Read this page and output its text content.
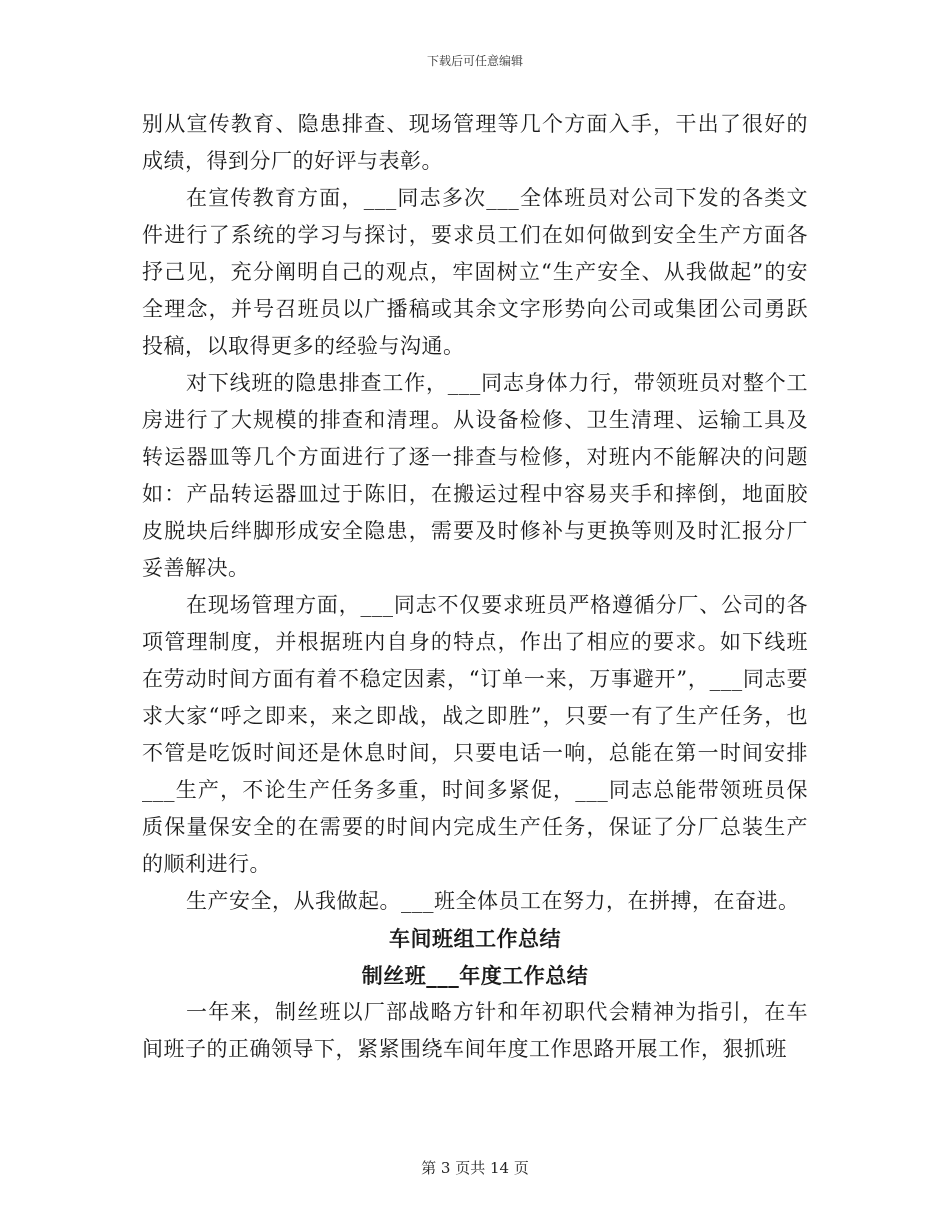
下载后可任意编辑

别从宣传教育、隐患排查、现场管理等几个方面入手，干出了很好的成绩，得到分厂的好评与表彰。

在宣传教育方面，___同志多次___全体班员对公司下发的各类文件进行了系统的学习与探讨，要求员工们在如何做到安全生产方面各抒己见，充分阐明自己的观点，牢固树立“生产安全、从我做起”的安全理念，并号召班员以广播稿或其余文字形势向公司或集团公司勇跃投稿，以取得更多的经验与沟通。

对下线班的隐患排查工作，___同志身体力行，带领班员对整个工房进行了大规模的排查和清理。从设备检修、卫生清理、运输工具及转运器皿等几个方面进行了逐一排查与检修，对班内不能解决的问题如：产品转运器皿过于陈旧，在搬运过程中容易夹手和摔倒，地面胶皮脱块后绊脚形成安全隐患，需要及时修补与更换等则及时汇报分厂妥善解决。

在现场管理方面，___同志不仅要求班员严格遵循分厂、公司的各项管理制度，并根据班内自身的特点，作出了相应的要求。如下线班在劳动时间方面有着不稳定因素，“订单一来，万事避开”，___同志要求大家“呼之即来，来之即战，战之即胜”，只要一有了生产任务，也不管是吃饭时间还是休息时间，只要电话一响，总能在第一时间安排___生产，不论生产任务多重，时间多紧促，___同志总能带领班员保质保量保安全的在需要的时间内完成生产任务，保证了分厂总装生产的顺利进行。

生产安全，从我做起。___班全体员工在努力，在拼搏，在奋进。

车间班组工作总结

制丝班___年度工作总结

一年来，制丝班以厂部战略方针和年初职代会精神为指引，在车间班子的正确领导下，紧紧围绕车间年度工作思路开展工作，狠抓班

第 3 页共 14 页
